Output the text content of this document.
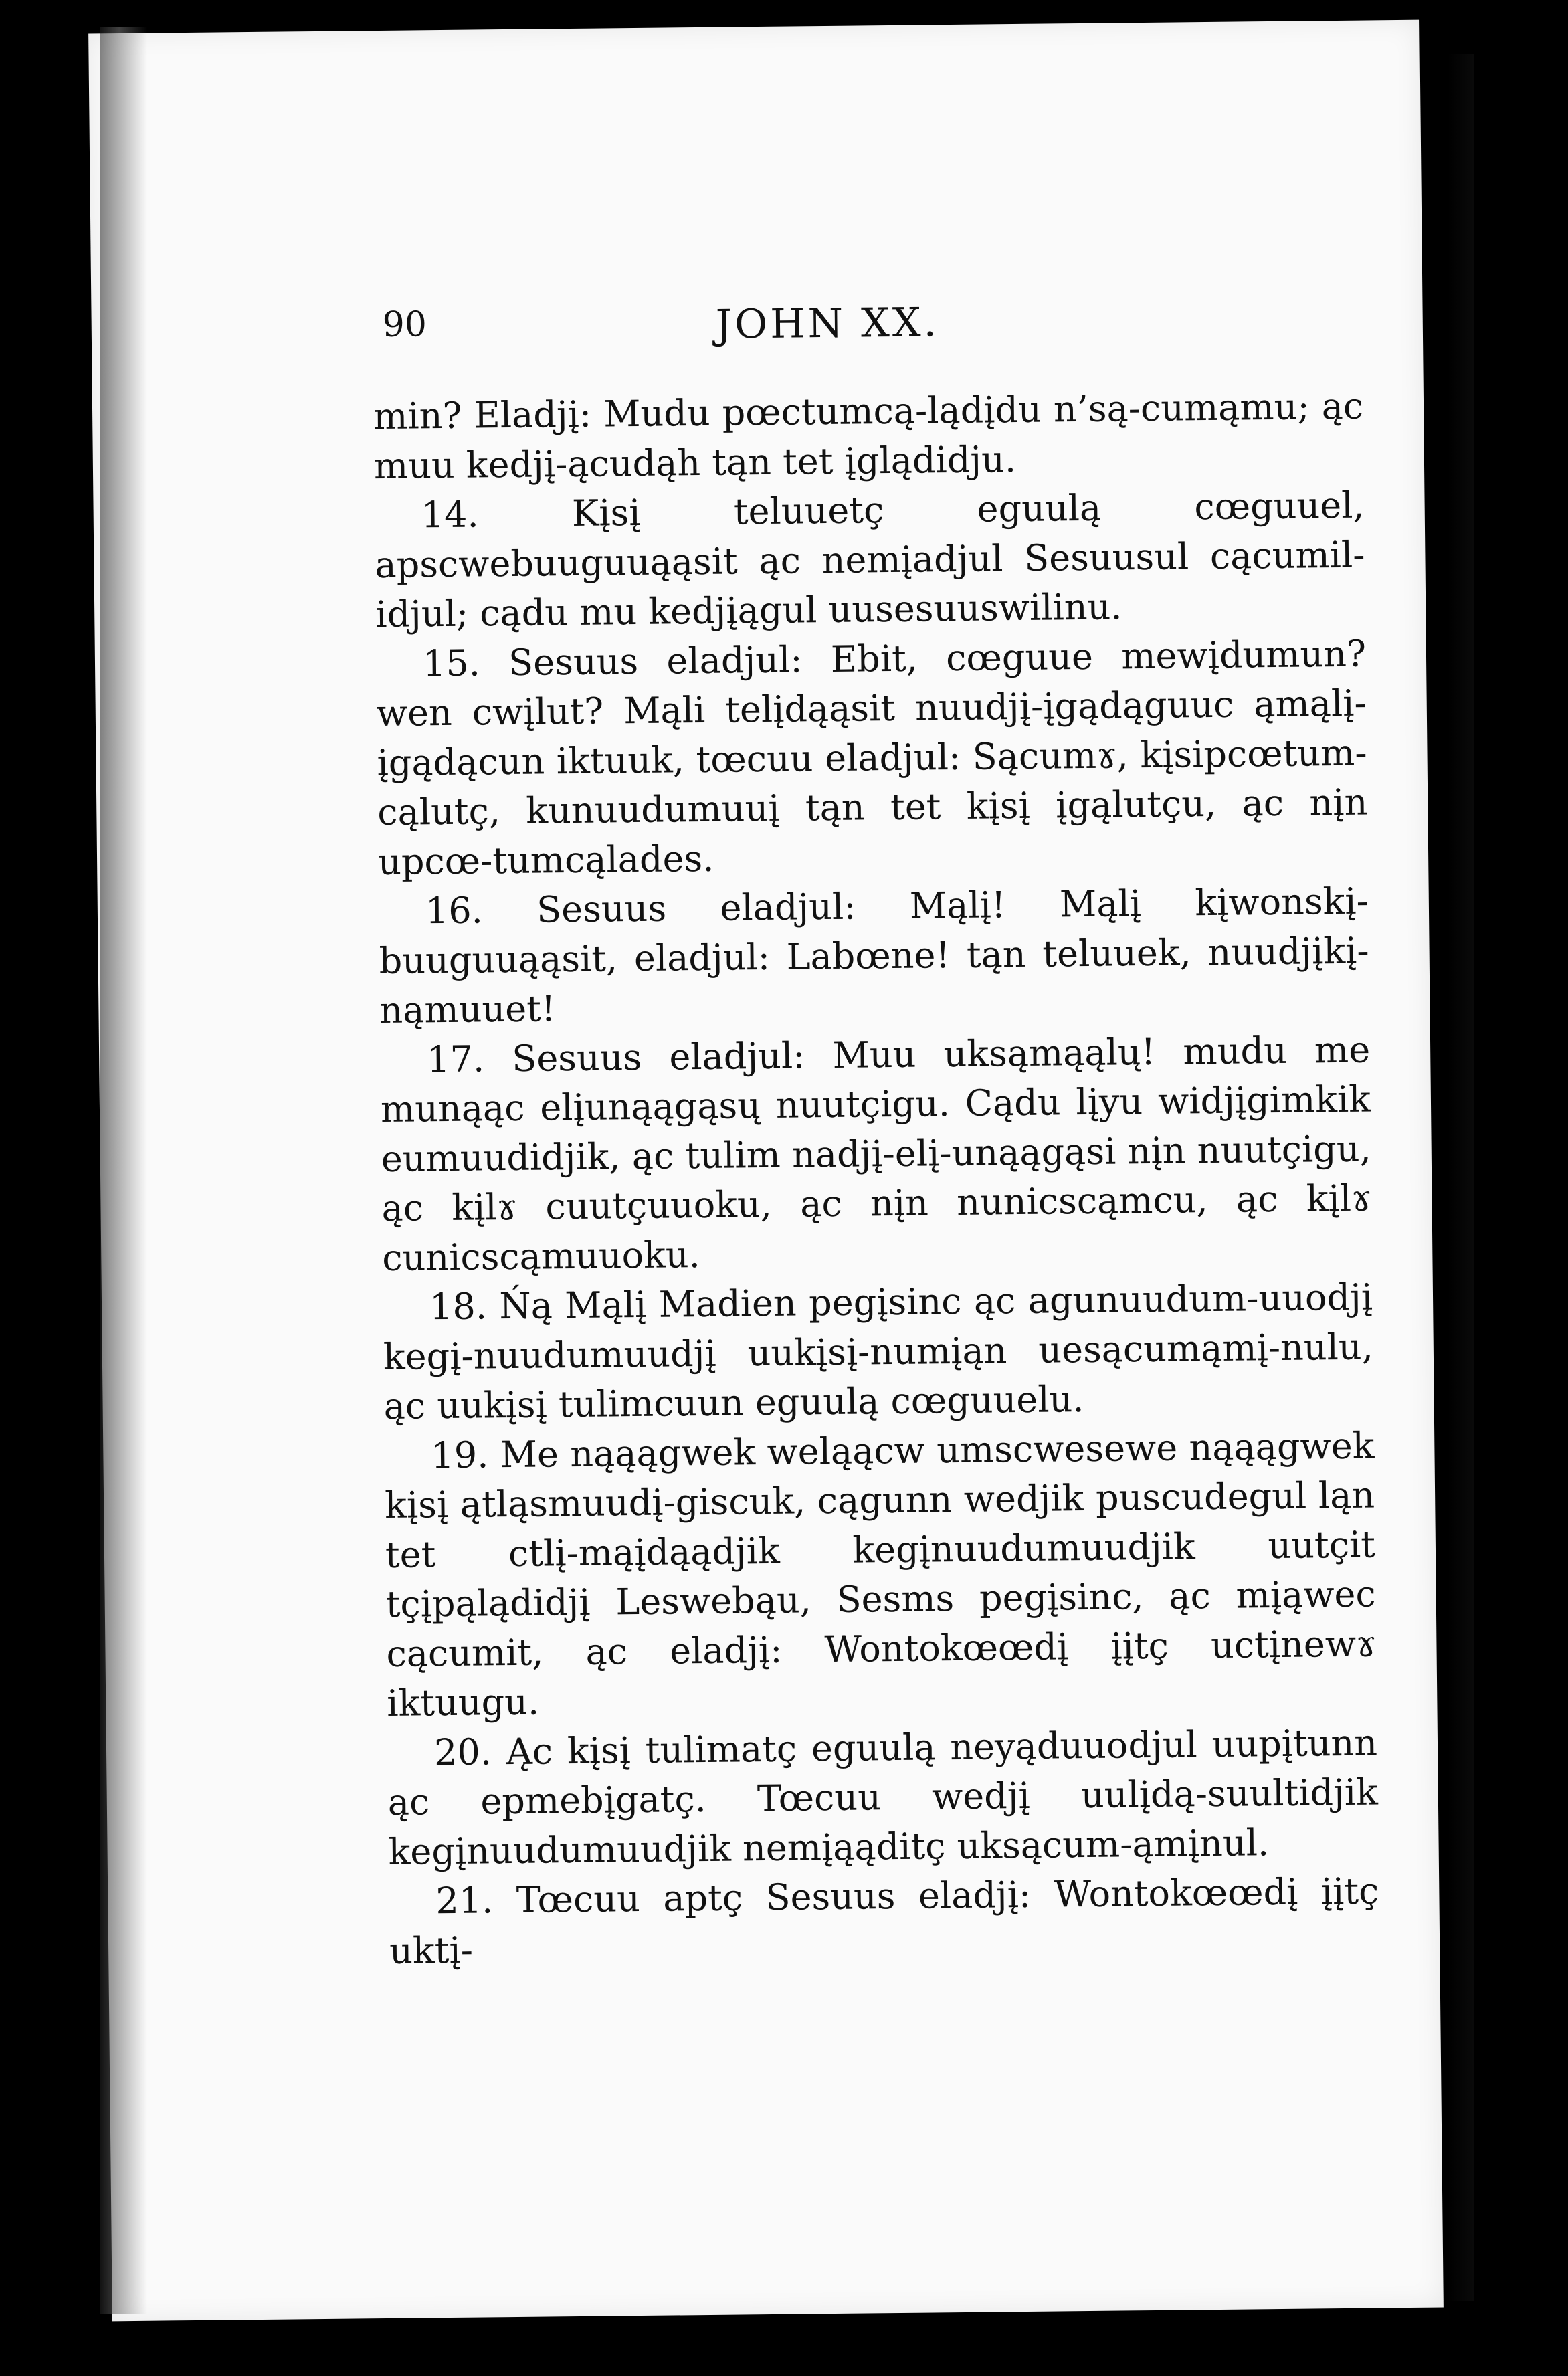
90	JOHN XX.

min? Eladjį: Mudu pœctumcą-lądįdu n’są-cumąmu; ąc muu kedjį-ącudąh tąn tet įglądidju.

14. Kįsį teluuetç eguulą cœguuel, apscwebuuguuąąsit ąc nemįadjul Sesuusul cącumil-idjul; cądu mu kedjįągul uusesuuswilinu.

15. Sesuus eladjul: Ebit, cœguue mewįdumun? wen cwįlut? Mąli telįdąąsit nuudjį-įgądąguuc ąmąlį-įgądącun iktuuk, tœcuu eladjul: Sącumɤ, kįsipcœtum-cąlutç, kunuudumuuį tąn tet kįsį įgąlutçu, ąc nįn upcœ-tumcąlades.

16. Sesuus eladjul: Mąlį! Mąlį kįwonskį-buuguuąąsit, eladjul: Labœne! tąn teluuek, nuudjįkį-nąmuuet!

17. Sesuus eladjul: Muu uksąmąąlų! mudu me munąąc elįunąągąsų nuutçigu. Cądu lįyu widjįgimkik eumuudidjik, ąc tulim nadjį-elį-unąągąsi nįn nuutçigu, ąc kįlɤ cuutçuuoku, ąc nįn nunicscąmcu, ąc kįlɤ cunicscąmuuoku.

18. Ńą Mąlį Madien pegįsinc ąc agunuudum-uuodjį kegį-nuudumuudjį uukįsį-numįąn uesącumąmį-nulu, ąc uukįsį tulimcuun eguulą cœguuelu.

19. Me nąąągwek weląącw umscwesewe nąąągwek kįsį ątląsmuudį-giscuk, cągunn wedjik puscudegul ląn tet ctlį-mąįdąądjik kegįnuudumuudjik uutçit tçįpąlądidjį Leswebąu, Sesms pegįsinc, ąc mįąwec cącumit, ąc eladjį: Wontokœœdį įįtç uctįnewɤ iktuugu.

20. Ąc kįsį tulimatç eguulą neyąduuodjul uupįtunn ąc epmebįgatç. Tœcuu wedjį uulįdą-suultidjik kegįnuudumuudjik nemįąąditç uksącum-ąmįnul.

21. Tœcuu aptç Sesuus eladjį: Wontokœœdį įįtç uktį-
